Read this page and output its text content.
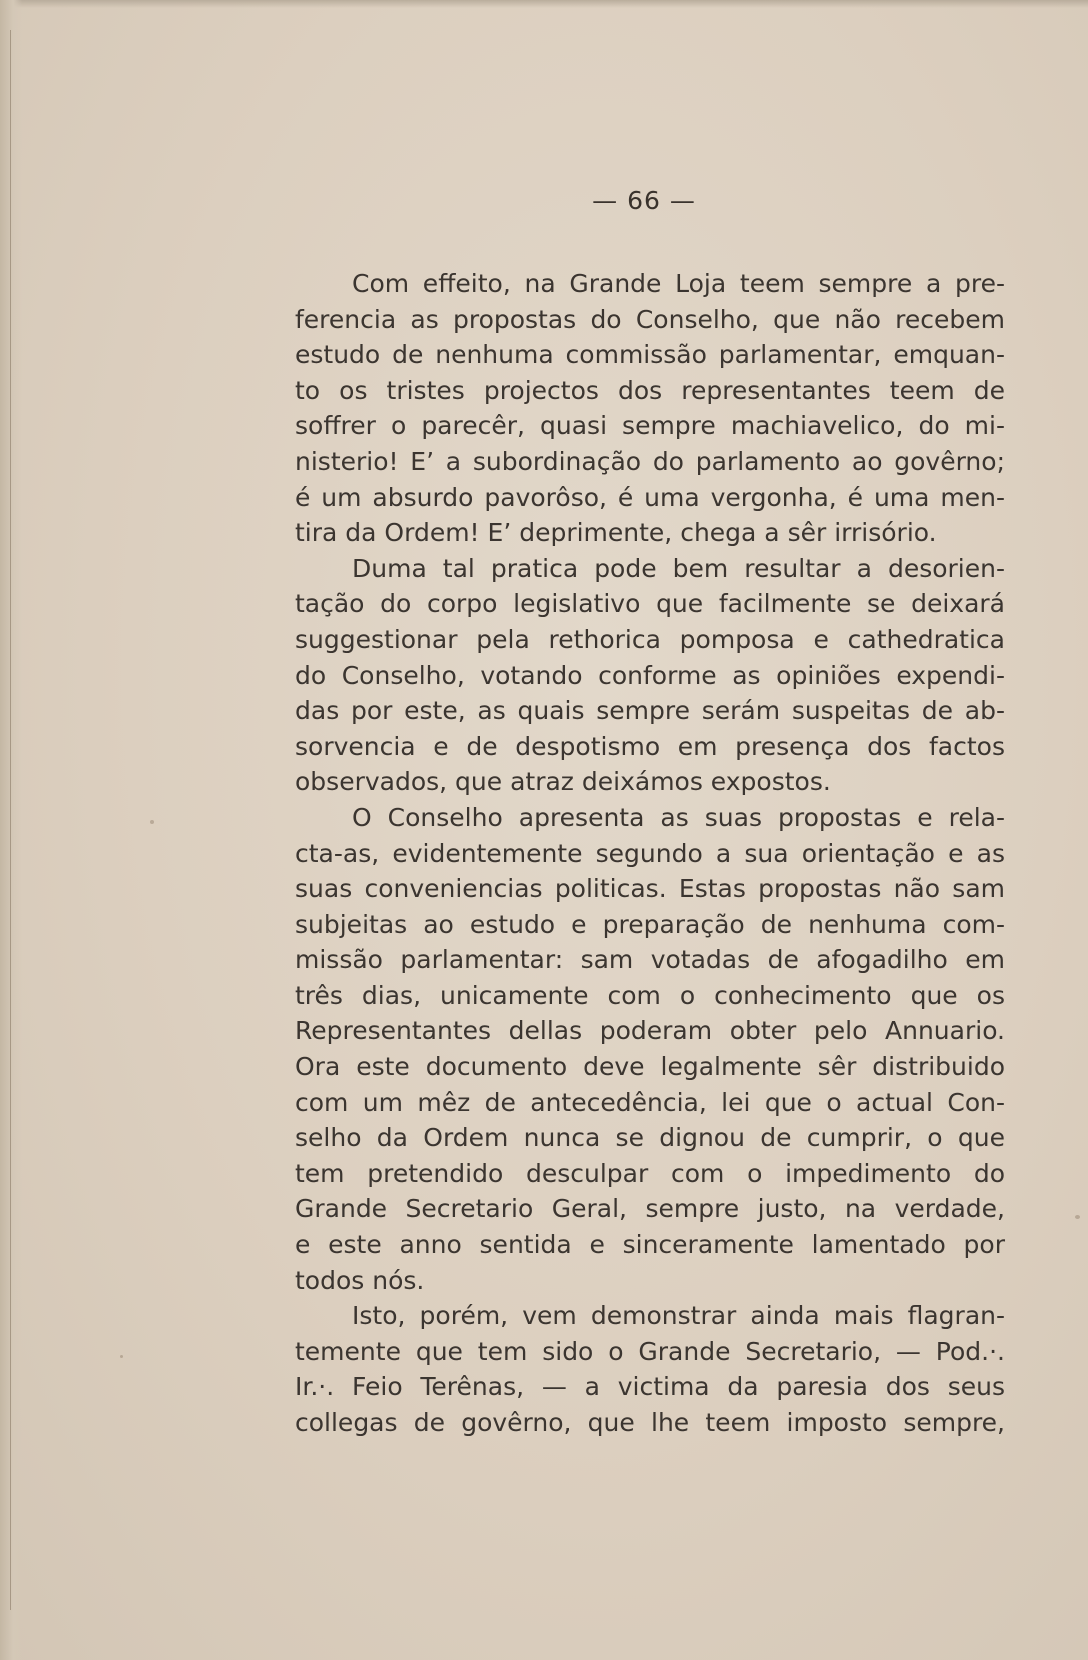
— 66 —
Com effeito, na Grande Loja teem sempre a pre-
ferencia as propostas do Conselho, que não recebem
estudo de nenhuma commissão parlamentar, emquan-
to os tristes projectos dos representantes teem de
soffrer o parecêr, quasi sempre machiavelico, do mi-
nisterio! E’ a subordinação do parlamento ao govêrno;
é um absurdo pavorôso, é uma vergonha, é uma men-
tira da Ordem! E’ deprimente, chega a sêr irrisório.
Duma tal pratica pode bem resultar a desorien-
tação do corpo legislativo que facilmente se deixará
suggestionar pela rethorica pomposa e cathedratica
do Conselho, votando conforme as opiniões expendi-
das por este, as quais sempre serám suspeitas de ab-
sorvencia e de despotismo em presença dos factos
observados, que atraz deixámos expostos.
O Conselho apresenta as suas propostas e rela-
cta-as, evidentemente segundo a sua orientação e as
suas conveniencias politicas. Estas propostas não sam
subjeitas ao estudo e preparação de nenhuma com-
missão parlamentar: sam votadas de afogadilho em
três dias, unicamente com o conhecimento que os
Representantes dellas poderam obter pelo Annuario.
Ora este documento deve legalmente sêr distribuido
com um mêz de antecedência, lei que o actual Con-
selho da Ordem nunca se dignou de cumprir, o que
tem pretendido desculpar com o impedimento do
Grande Secretario Geral, sempre justo, na verdade,
e este anno sentida e sinceramente lamentado por
todos nós.
Isto, porém, vem demonstrar ainda mais flagran-
temente que tem sido o Grande Secretario, — Pod.·.
Ir.·. Feio Terênas, — a victima da paresia dos seus
collegas de govêrno, que lhe teem imposto sempre,
